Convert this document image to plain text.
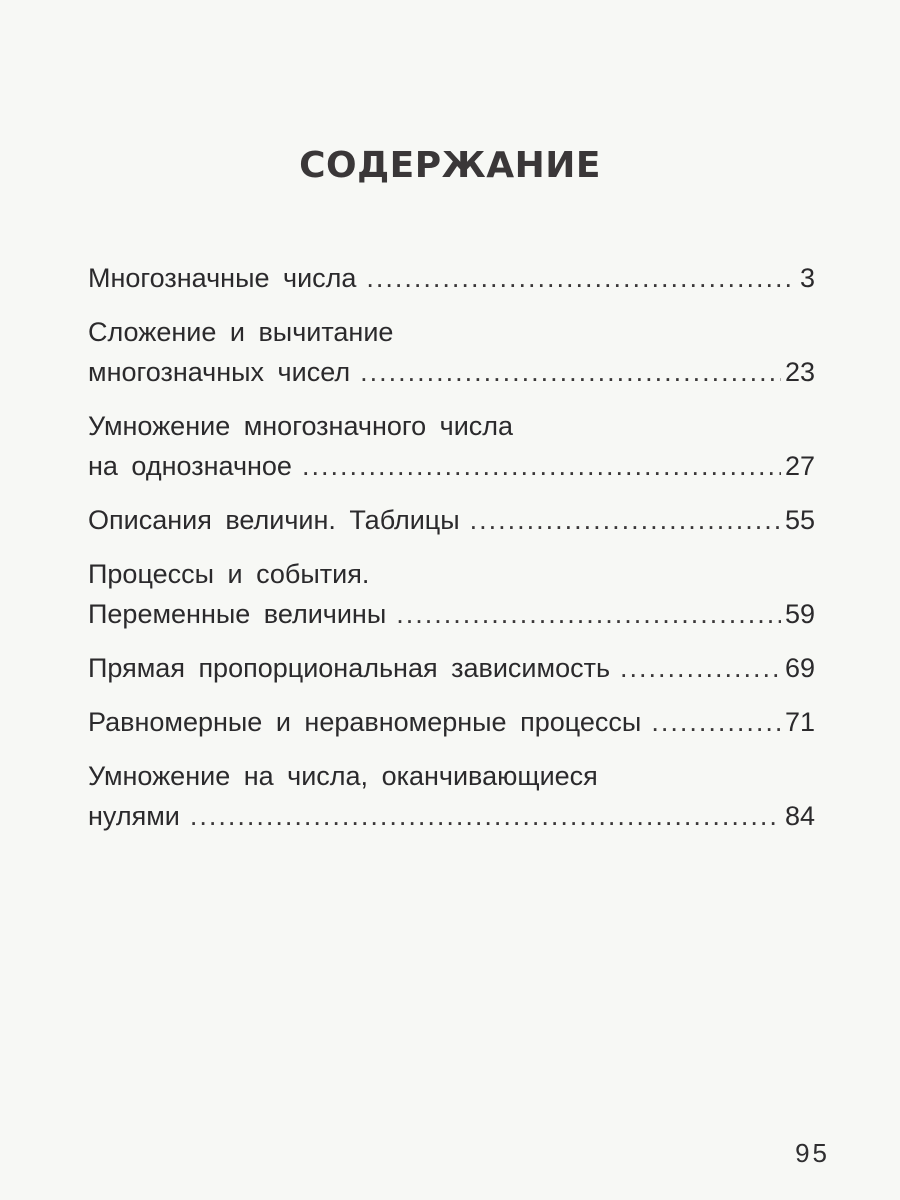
СОДЕРЖАНИЕ
Многозначные числа .....	3
Сложение и вычитание
многозначных чисел .....	23
Умножение многозначного числа
на однозначное .....	27
Описания величин. Таблицы .....	55
Процессы и события.
Переменные величины .....	59
Прямая пропорциональная зависимость .....	69
Равномерные и неравномерные процессы .....	71
Умножение на числа, оканчивающиеся
нулями .....	84
95
